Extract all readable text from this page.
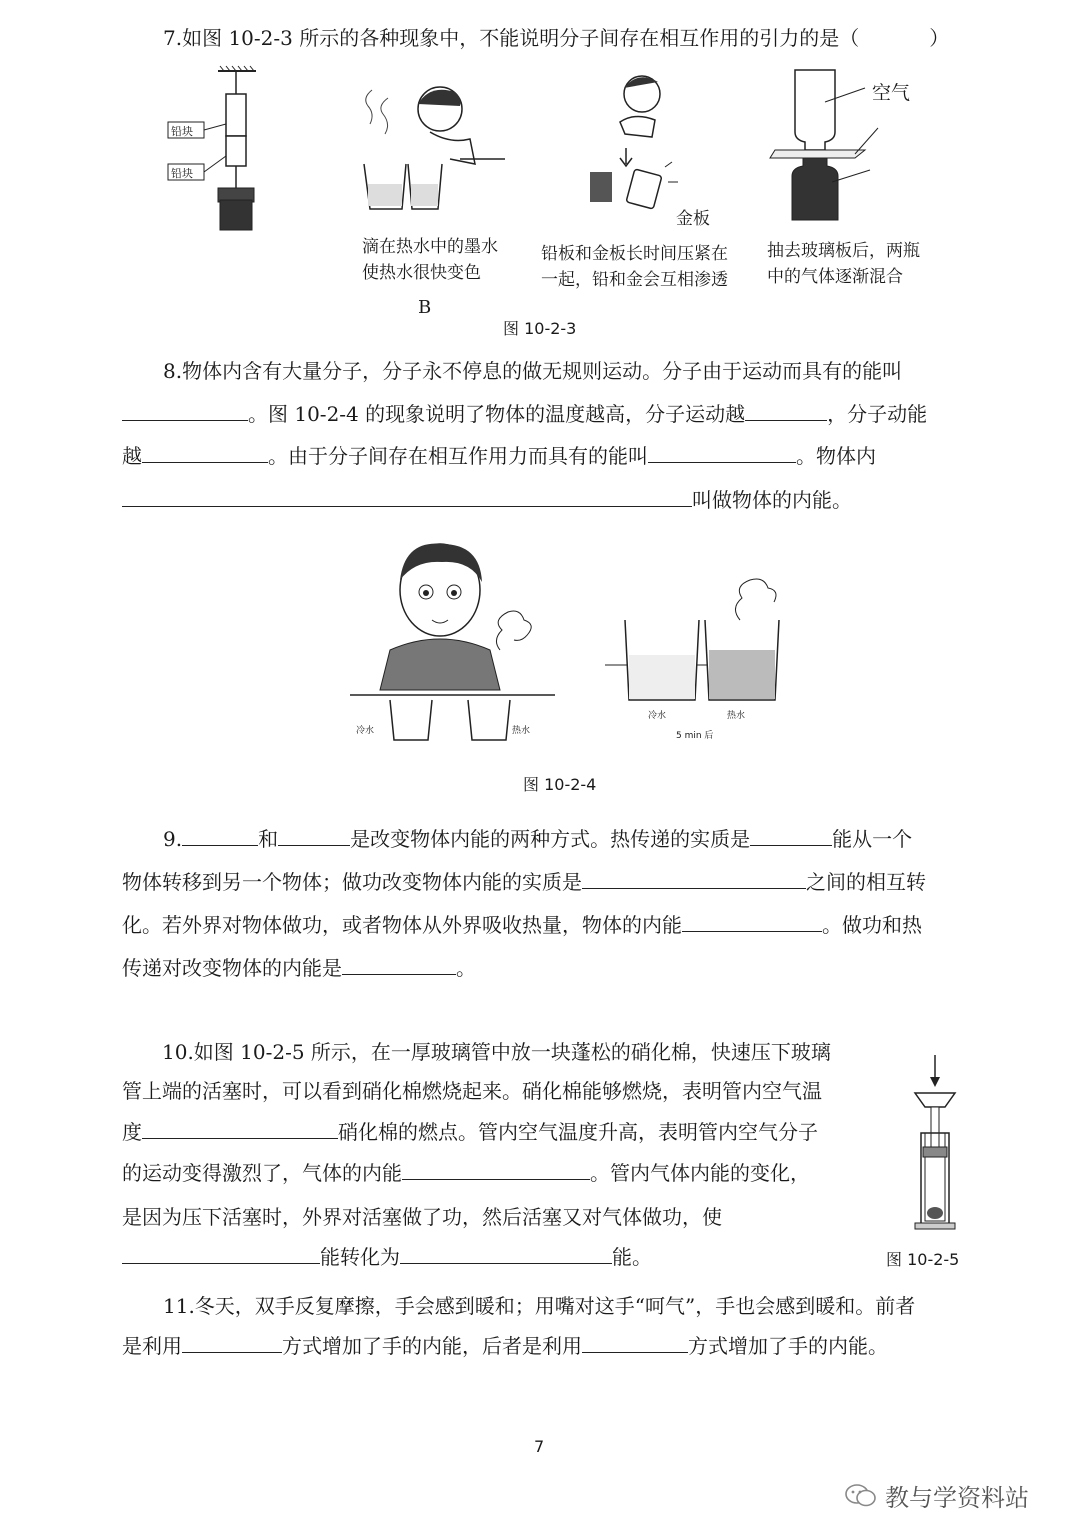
7.如图 10-2-3 所示的各种现象中，不能说明分子间存在相互作用的引力的是（	）
铅块
铅块
滴在热水中的墨水
使热水很快变色
B
金板
铅板和金板长时间压紧在
一起，铅和金会互相渗透
空气
抽去玻璃板后，两瓶
中的气体逐渐混合
图 10-2-3
8.物体内含有大量分子，分子永不停息的做无规则运动。分子由于运动而具有的能叫
。图 10-2-4 的现象说明了物体的温度越高，分子运动越	，分子动能
越	。由于分子间存在相互作用力而具有的能叫	。物体内
叫做物体的内能。
冷水	热水
冷水	热水
5 min 后
图 10-2-4
9.	和	是改变物体内能的两种方式。热传递的实质是	能从一个
物体转移到另一个物体；做功改变物体内能的实质是	之间的相互转
化。若外界对物体做功，或者物体从外界吸收热量，物体的内能	。做功和热
传递对改变物体的内能是	。
10.如图 10-2-5 所示，在一厚玻璃管中放一块蓬松的硝化棉，快速压下玻璃
管上端的活塞时，可以看到硝化棉燃烧起来。硝化棉能够燃烧，表明管内空气温
度	硝化棉的燃点。管内空气温度升高，表明管内空气分子
的运动变得激烈了，气体的内能	。管内气体内能的变化，
是因为压下活塞时，外界对活塞做了功，然后活塞又对气体做功，使
能转化为	能。	图 10-2-5
11.冬天，双手反复摩擦，手会感到暖和；用嘴对这手“呵气”，手也会感到暖和。前者
是利用	方式增加了手的内能，后者是利用	方式增加了手的内能。
7
教与学资料站
